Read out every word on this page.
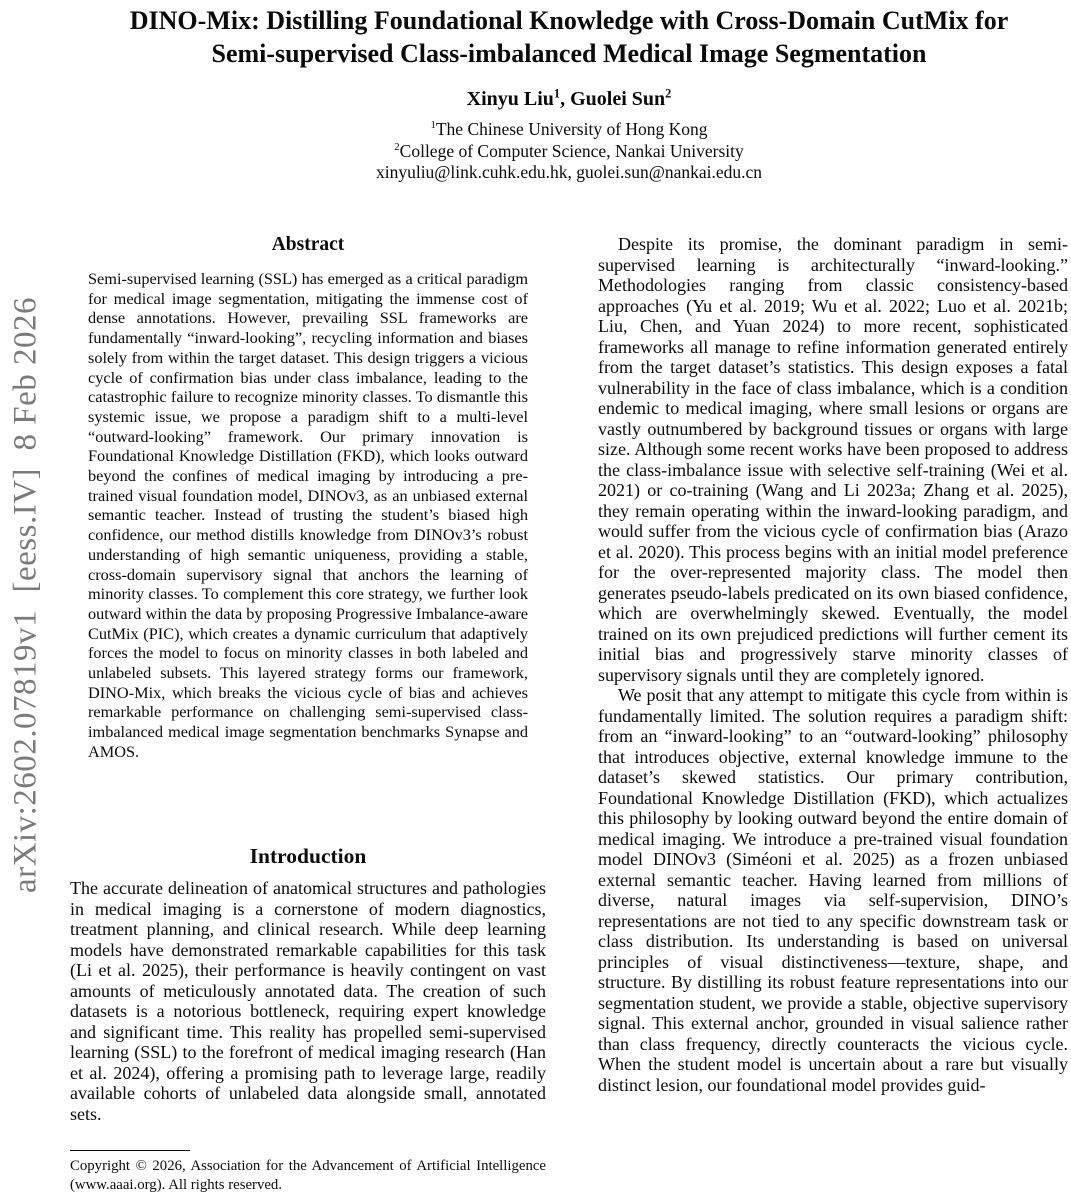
arXiv:2602.07819v1  [eess.IV]  8 Feb 2026
DINO-Mix: Distilling Foundational Knowledge with Cross-Domain CutMix for
Semi-supervised Class-imbalanced Medical Image Segmentation
Xinyu Liu$^1$, Guolei Sun$^2$
$^1$The Chinese University of Hong Kong
$^2$College of Computer Science, Nankai University
xinyuliu@link.cuhk.edu.hk, guolei.sun@nankai.edu.cn
Abstract
Semi-supervised learning (SSL) has emerged as a critical paradigm for medical image segmentation, mitigating the immense cost of dense annotations. However, prevailing SSL frameworks are fundamentally “inward-looking”, recycling information and biases solely from within the target dataset. This design triggers a vicious cycle of confirmation bias under class imbalance, leading to the catastrophic failure to recognize minority classes. To dismantle this systemic issue, we propose a paradigm shift to a multi-level “outward-looking” framework. Our primary innovation is Foundational Knowledge Distillation (FKD), which looks outward beyond the confines of medical imaging by introducing a pre-trained visual foundation model, DINOv3, as an unbiased external semantic teacher. Instead of trusting the student’s biased high confidence, our method distills knowledge from DINOv3’s robust understanding of high semantic uniqueness, providing a stable, cross-domain supervisory signal that anchors the learning of minority classes. To complement this core strategy, we further look outward within the data by proposing Progressive Imbalance-aware CutMix (PIC), which creates a dynamic curriculum that adaptively forces the model to focus on minority classes in both labeled and unlabeled subsets. This layered strategy forms our framework, DINO-Mix, which breaks the vicious cycle of bias and achieves remarkable performance on challenging semi-supervised class-imbalanced medical image segmentation benchmarks Synapse and AMOS.
Introduction
The accurate delineation of anatomical structures and pathologies in medical imaging is a cornerstone of modern diagnostics, treatment planning, and clinical research. While deep learning models have demonstrated remarkable capabilities for this task (Li et al. 2025), their performance is heavily contingent on vast amounts of meticulously annotated data. The creation of such datasets is a notorious bottleneck, requiring expert knowledge and significant time. This reality has propelled semi-supervised learning (SSL) to the forefront of medical imaging research (Han et al. 2024), offering a promising path to leverage large, readily available cohorts of unlabeled data alongside small, annotated sets.
Copyright © 2026, Association for the Advancement of Artificial Intelligence (www.aaai.org). All rights reserved.
Despite its promise, the dominant paradigm in semi-supervised learning is architecturally “inward-looking.” Methodologies ranging from classic consistency-based approaches (Yu et al. 2019; Wu et al. 2022; Luo et al. 2021b; Liu, Chen, and Yuan 2024) to more recent, sophisticated frameworks all manage to refine information generated entirely from the target dataset’s statistics. This design exposes a fatal vulnerability in the face of class imbalance, which is a condition endemic to medical imaging, where small lesions or organs are vastly outnumbered by background tissues or organs with large size. Although some recent works have been proposed to address the class-imbalance issue with selective self-training (Wei et al. 2021) or co-training (Wang and Li 2023a; Zhang et al. 2025), they remain operating within the inward-looking paradigm, and would suffer from the vicious cycle of confirmation bias (Arazo et al. 2020). This process begins with an initial model preference for the over-represented majority class. The model then generates pseudo-labels predicated on its own biased confidence, which are overwhelmingly skewed. Eventually, the model trained on its own prejudiced predictions will further cement its initial bias and progressively starve minority classes of supervisory signals until they are completely ignored.
We posit that any attempt to mitigate this cycle from within is fundamentally limited. The solution requires a paradigm shift: from an “inward-looking” to an “outward-looking” philosophy that introduces objective, external knowledge immune to the dataset’s skewed statistics. Our primary contribution, Foundational Knowledge Distillation (FKD), which actualizes this philosophy by looking outward beyond the entire domain of medical imaging. We introduce a pre-trained visual foundation model DINOv3 (Siméoni et al. 2025) as a frozen unbiased external semantic teacher. Having learned from millions of diverse, natural images via self-supervision, DINO’s representations are not tied to any specific downstream task or class distribution. Its understanding is based on universal principles of visual distinctiveness—texture, shape, and structure. By distilling its robust feature representations into our segmentation student, we provide a stable, objective supervisory signal. This external anchor, grounded in visual salience rather than class frequency, directly counteracts the vicious cycle. When the student model is uncertain about a rare but visually distinct lesion, our foundational model provides guid-
